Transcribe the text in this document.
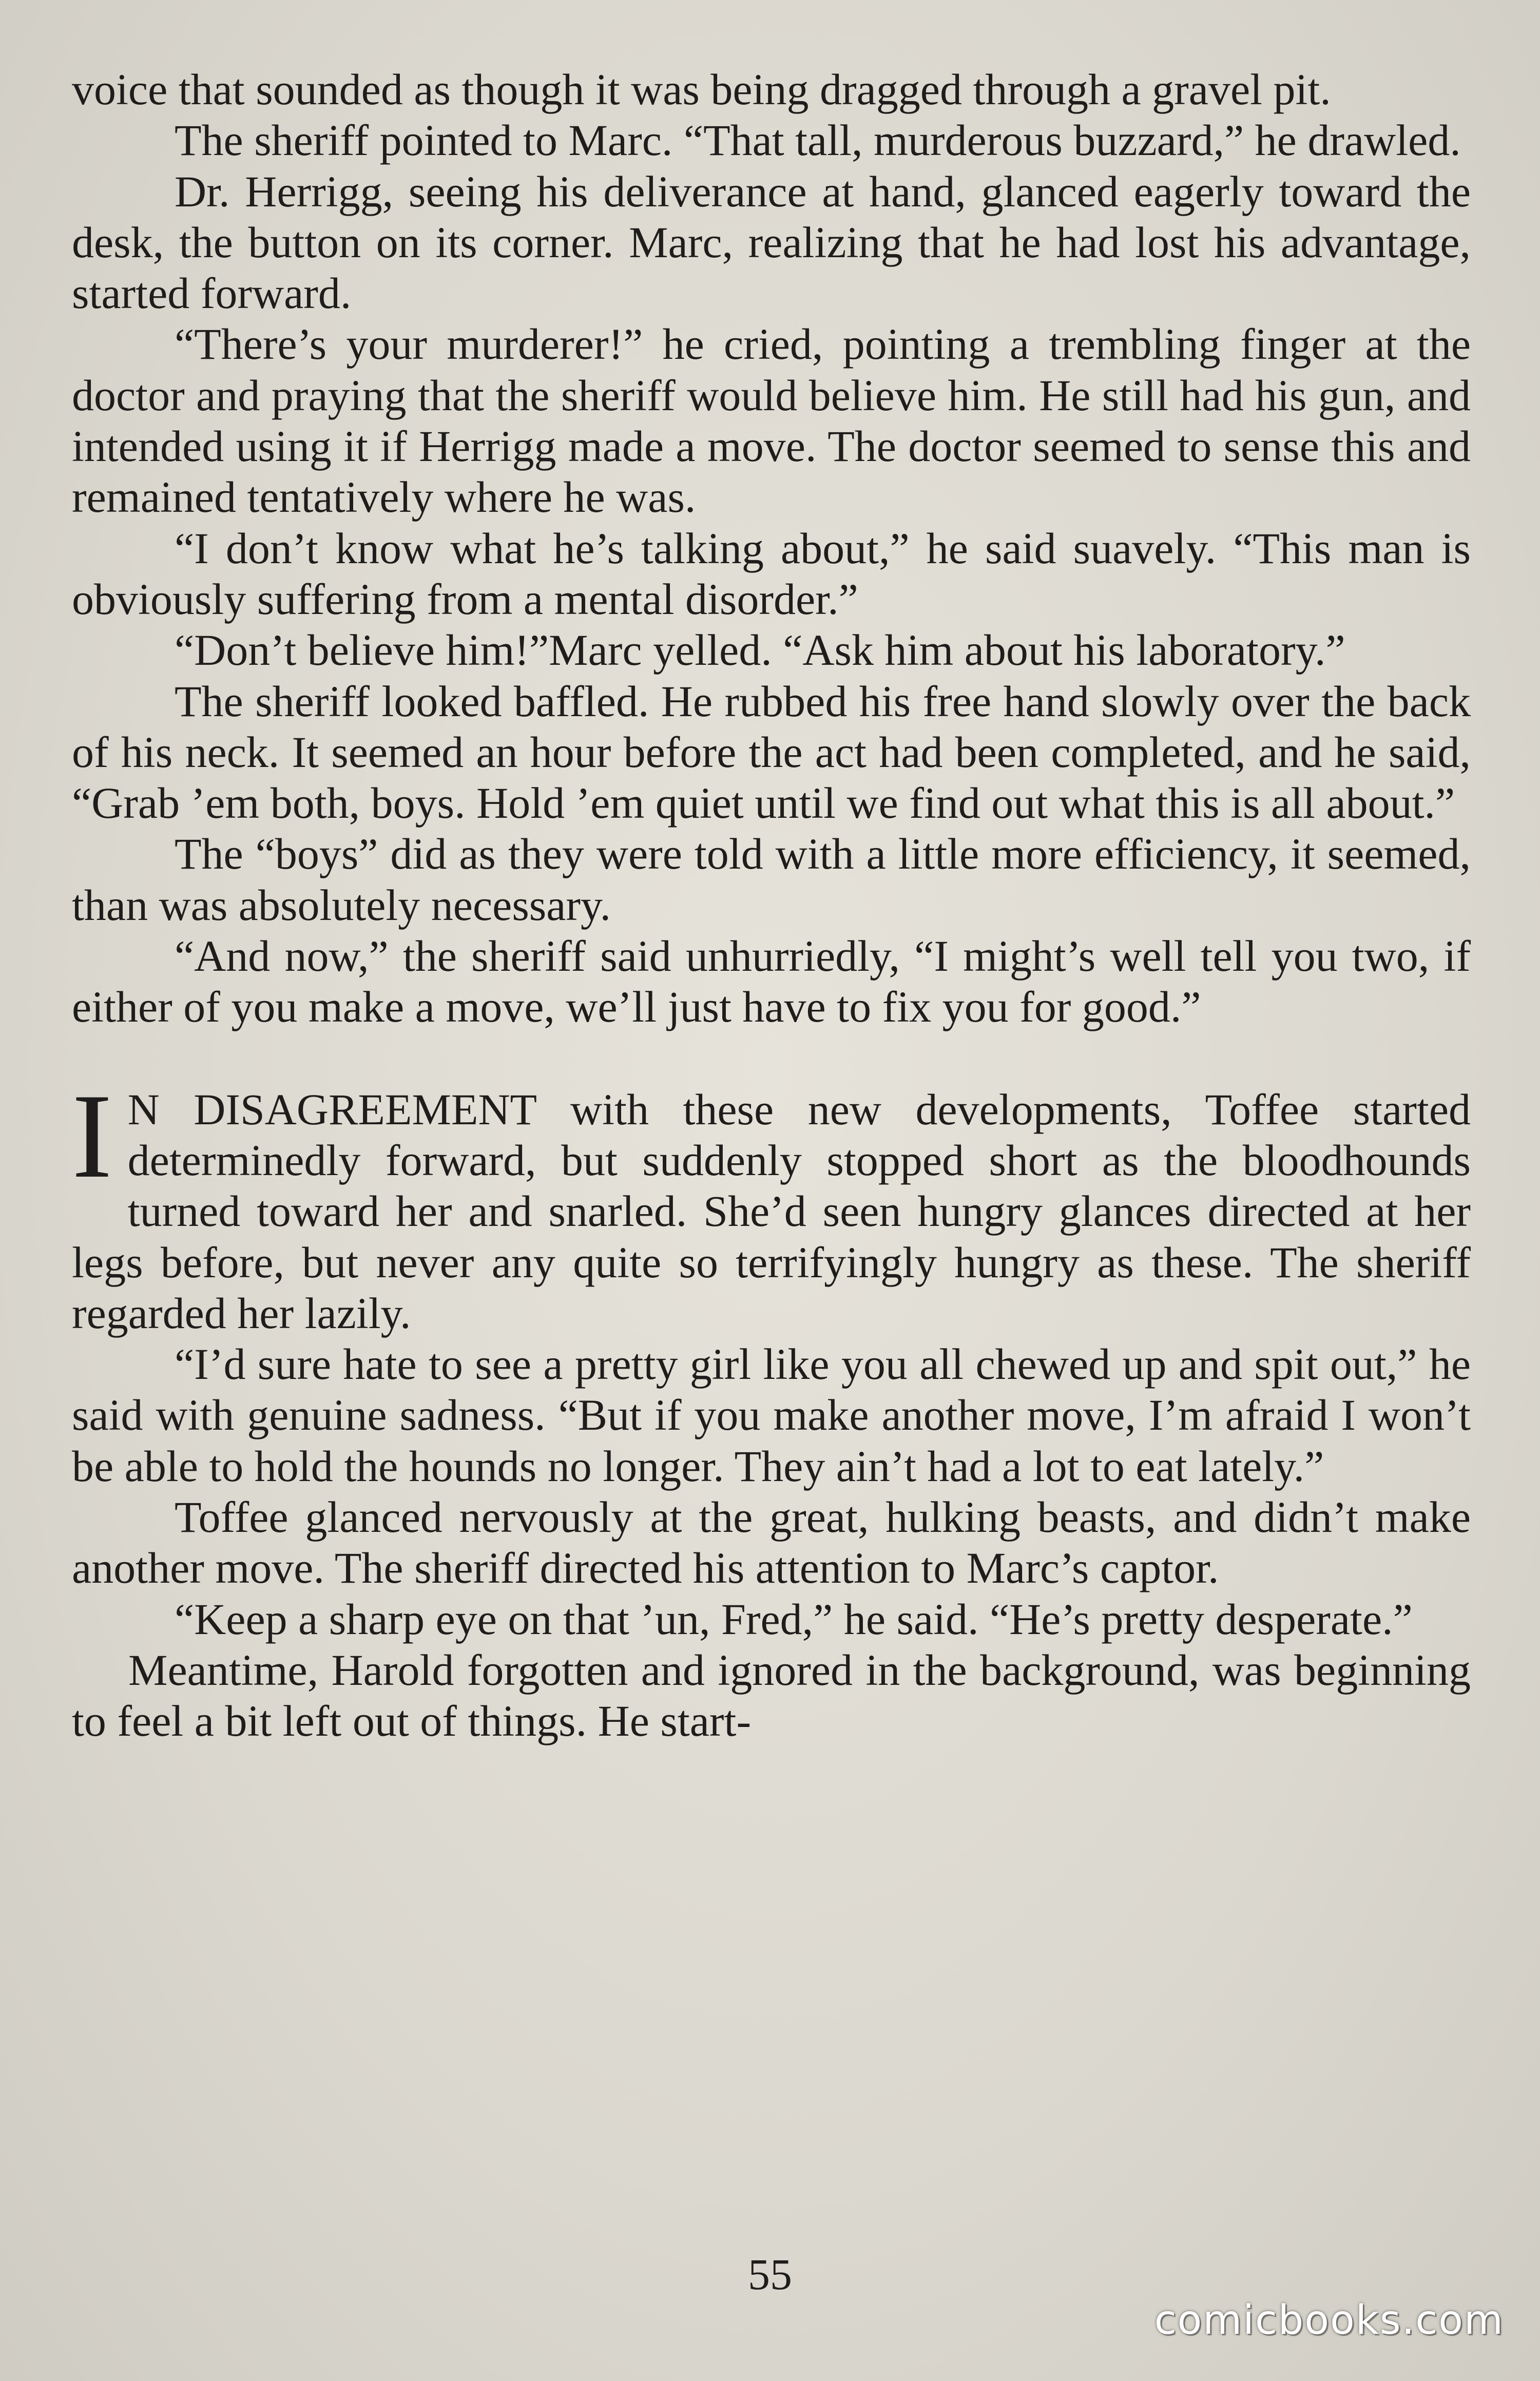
voice that sounded as though it was being dragged through a gravel pit.

The sheriff pointed to Marc. “That tall, murderous buzzard,” he drawled.

Dr. Herrigg, seeing his deliverance at hand, glanced eagerly toward the desk, the button on its corner. Marc, realizing that he had lost his advantage, started forward.

“There’s your murderer!” he cried, pointing a trembling finger at the doctor and praying that the sheriff would believe him. He still had his gun, and intended using it if Herrigg made a move. The doctor seemed to sense this and remained tentatively where he was.

“I don’t know what he’s talking about,” he said suavely. “This man is obviously suffering from a mental disorder.”

“Don’t believe him!”Marc yelled. “Ask him about his laboratory.”

The sheriff looked baffled. He rubbed his free hand slowly over the back of his neck. It seemed an hour before the act had been completed, and he said, “Grab ’em both, boys. Hold ’em quiet until we find out what this is all about.”

The “boys” did as they were told with a little more efficiency, it seemed, than was absolutely necessary.

“And now,” the sheriff said unhurriedly, “I might’s well tell you two, if either of you make a move, we’ll just have to fix you for good.”

I N DISAGREEMENT with these new developments, Toffee started determinedly forward, but suddenly stopped short as the bloodhounds turned toward her and snarled. She’d seen hungry glances directed at her legs before, but never any quite so terrifyingly hungry as these. The sheriff regarded her lazily.

“I’d sure hate to see a pretty girl like you all chewed up and spit out,” he said with genuine sadness. “But if you make another move, I’m afraid I won’t be able to hold the hounds no longer. They ain’t had a lot to eat lately.”

Toffee glanced nervously at the great, hulking beasts, and didn’t make another move. The sheriff directed his attention to Marc’s captor.

“Keep a sharp eye on that ’un, Fred,” he said. “He’s pretty desperate.”

Meantime, Harold forgotten and ignored in the background, was beginning to feel a bit left out of things. He start-

55
comicbooks.com
